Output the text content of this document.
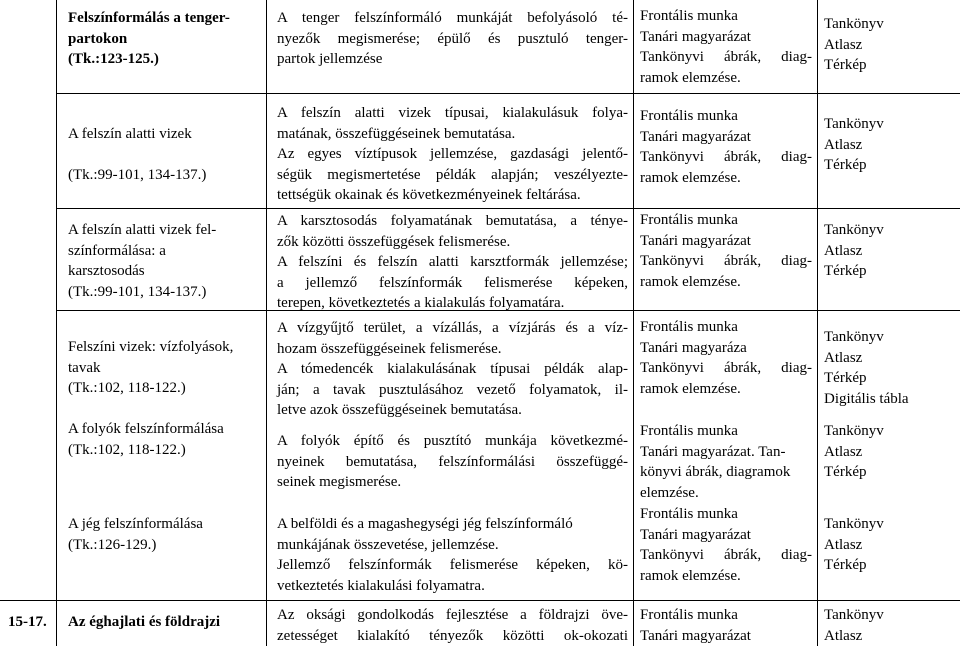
Felszínformálás a tenger-
partokon
(Tk.:123-125.)
A tenger felszínformáló munkáját befolyásoló té-
nyezők megismerése; épülő és pusztuló tenger-
partok jellemzése
Frontális munka
Tanári magyarázat
Tankönyvi ábrák, diag-
ramok elemzése.
Tankönyv
Atlasz
Térkép
A felszín alatti vizek

(Tk.:99-101, 134-137.)
A felszín alatti vizek típusai, kialakulásuk folya-
matának, összefüggéseinek bemutatása.
Az egyes víztípusok jellemzése, gazdasági jelentő-
ségük megismertetése példák alapján; veszélyezte-
tettségük okainak és következményeinek feltárása.
Frontális munka
Tanári magyarázat
Tankönyvi ábrák, diag-
ramok elemzése.
Tankönyv
Atlasz
Térkép
A felszín alatti vizek fel-
színformálása: a
karsztosodás
(Tk.:99-101, 134-137.)
A karsztosodás folyamatának bemutatása, a ténye-
zők közötti összefüggések felismerése.
A felszíni és felszín alatti karsztformák jellemzése;
a jellemző felszínformák felismerése képeken,
terepen, következtetés a kialakulás folyamatára.
Frontális munka
Tanári magyarázat
Tankönyvi ábrák, diag-
ramok elemzése.
Tankönyv
Atlasz
Térkép
Felszíni vizek: vízfolyások,
tavak
(Tk.:102, 118-122.)
A vízgyűjtő terület, a vízállás, a vízjárás és a víz-
hozam összefüggéseinek felismerése.
A tómedencék kialakulásának típusai példák alap-
ján; a tavak pusztulásához vezető folyamatok, il-
letve azok összefüggéseinek bemutatása.
Frontális munka
Tanári magyaráza
Tankönyvi ábrák, diag-
ramok elemzése.
Tankönyv
Atlasz
Térkép
Digitális tábla
A folyók felszínformálása
(Tk.:102, 118-122.)
A folyók építő és pusztító munkája következmé-
nyeinek bemutatása, felszínformálási összefüggé-
seinek megismerése.
Frontális munka
Tanári magyarázat. Tan-
könyvi ábrák, diagramok
elemzése.
Tankönyv
Atlasz
Térkép
A jég felszínformálása
(Tk.:126-129.)
A belföldi és a magashegységi jég felszínformáló
munkájának összevetése, jellemzése.
Jellemző felszínformák felismerése képeken, kö-
vetkeztetés kialakulási folyamatra.
Frontális munka
Tanári magyarázat
Tankönyvi ábrák, diag-
ramok elemzése.
Tankönyv
Atlasz
Térkép
15-17.	Az éghajlati és földrajzi	Az oksági gondolkodás fejlesztése a földrajzi öve-
zetességet kialakító tényezők közötti ok-okozati
Frontális munka
Tanári magyarázat
Tankönyv
Atlasz
